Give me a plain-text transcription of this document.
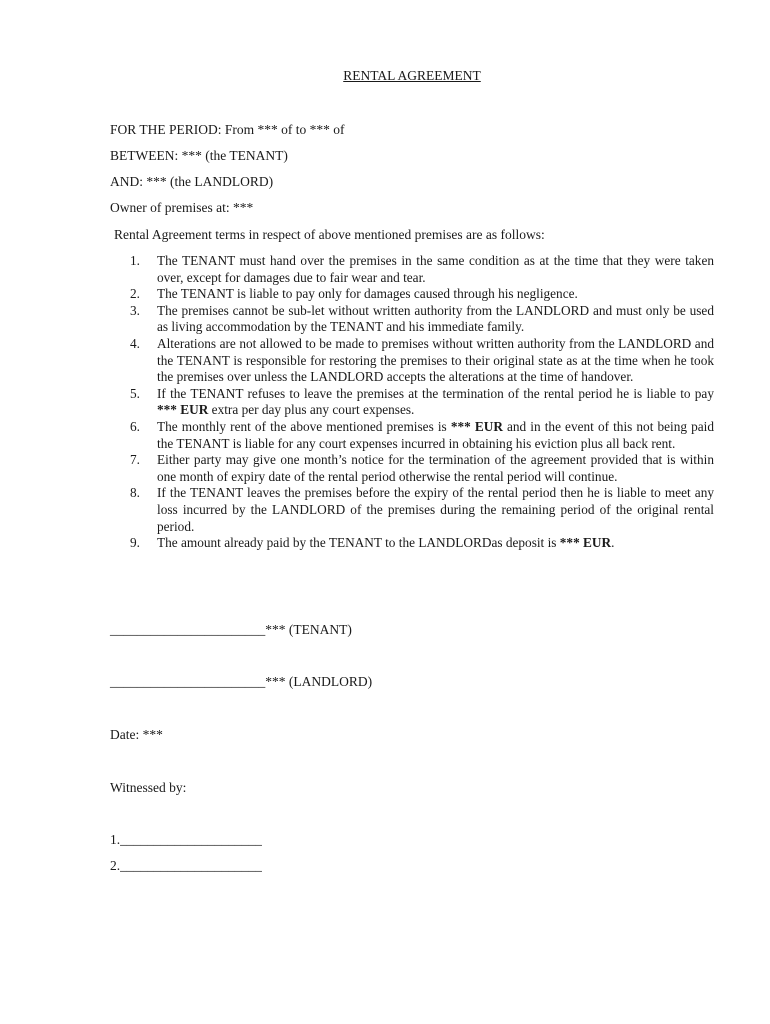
RENTAL AGREEMENT
FOR THE PERIOD: From *** of to *** of
BETWEEN: *** (the TENANT)
AND: *** (the LANDLORD)
Owner of premises at: ***
Rental Agreement terms in respect of above mentioned premises are as follows:
1. The TENANT must hand over the premises in the same condition as at the time that they were taken over, except for damages due to fair wear and tear.
2. The TENANT is liable to pay only for damages caused through his negligence.
3. The premises cannot be sub-let without written authority from the LANDLORD and must only be used as living accommodation by the TENANT and his immediate family.
4. Alterations are not allowed to be made to premises without written authority from the LANDLORD and the TENANT is responsible for restoring the premises to their original state as at the time when he took the premises over unless the LANDLORD accepts the alterations at the time of handover.
5. If the TENANT refuses to leave the premises at the termination of the rental period he is liable to pay *** EUR extra per day plus any court expenses.
6. The monthly rent of the above mentioned premises is *** EUR and in the event of this not being paid the TENANT is liable for any court expenses incurred in obtaining his eviction plus all back rent.
7. Either party may give one month’s notice for the termination of the agreement provided that is within one month of expiry date of the rental period otherwise the rental period will continue.
8. If the TENANT leaves the premises before the expiry of the rental period then he is liable to meet any loss incurred by the LANDLORD of the premises during the remaining period of the original rental period.
9. The amount already paid by the TENANT to the LANDLORDas deposit is *** EUR.
_______________________*** (TENANT)
_______________________*** (LANDLORD)
Date: ***
Witnessed by:
1._____________________
2._____________________
